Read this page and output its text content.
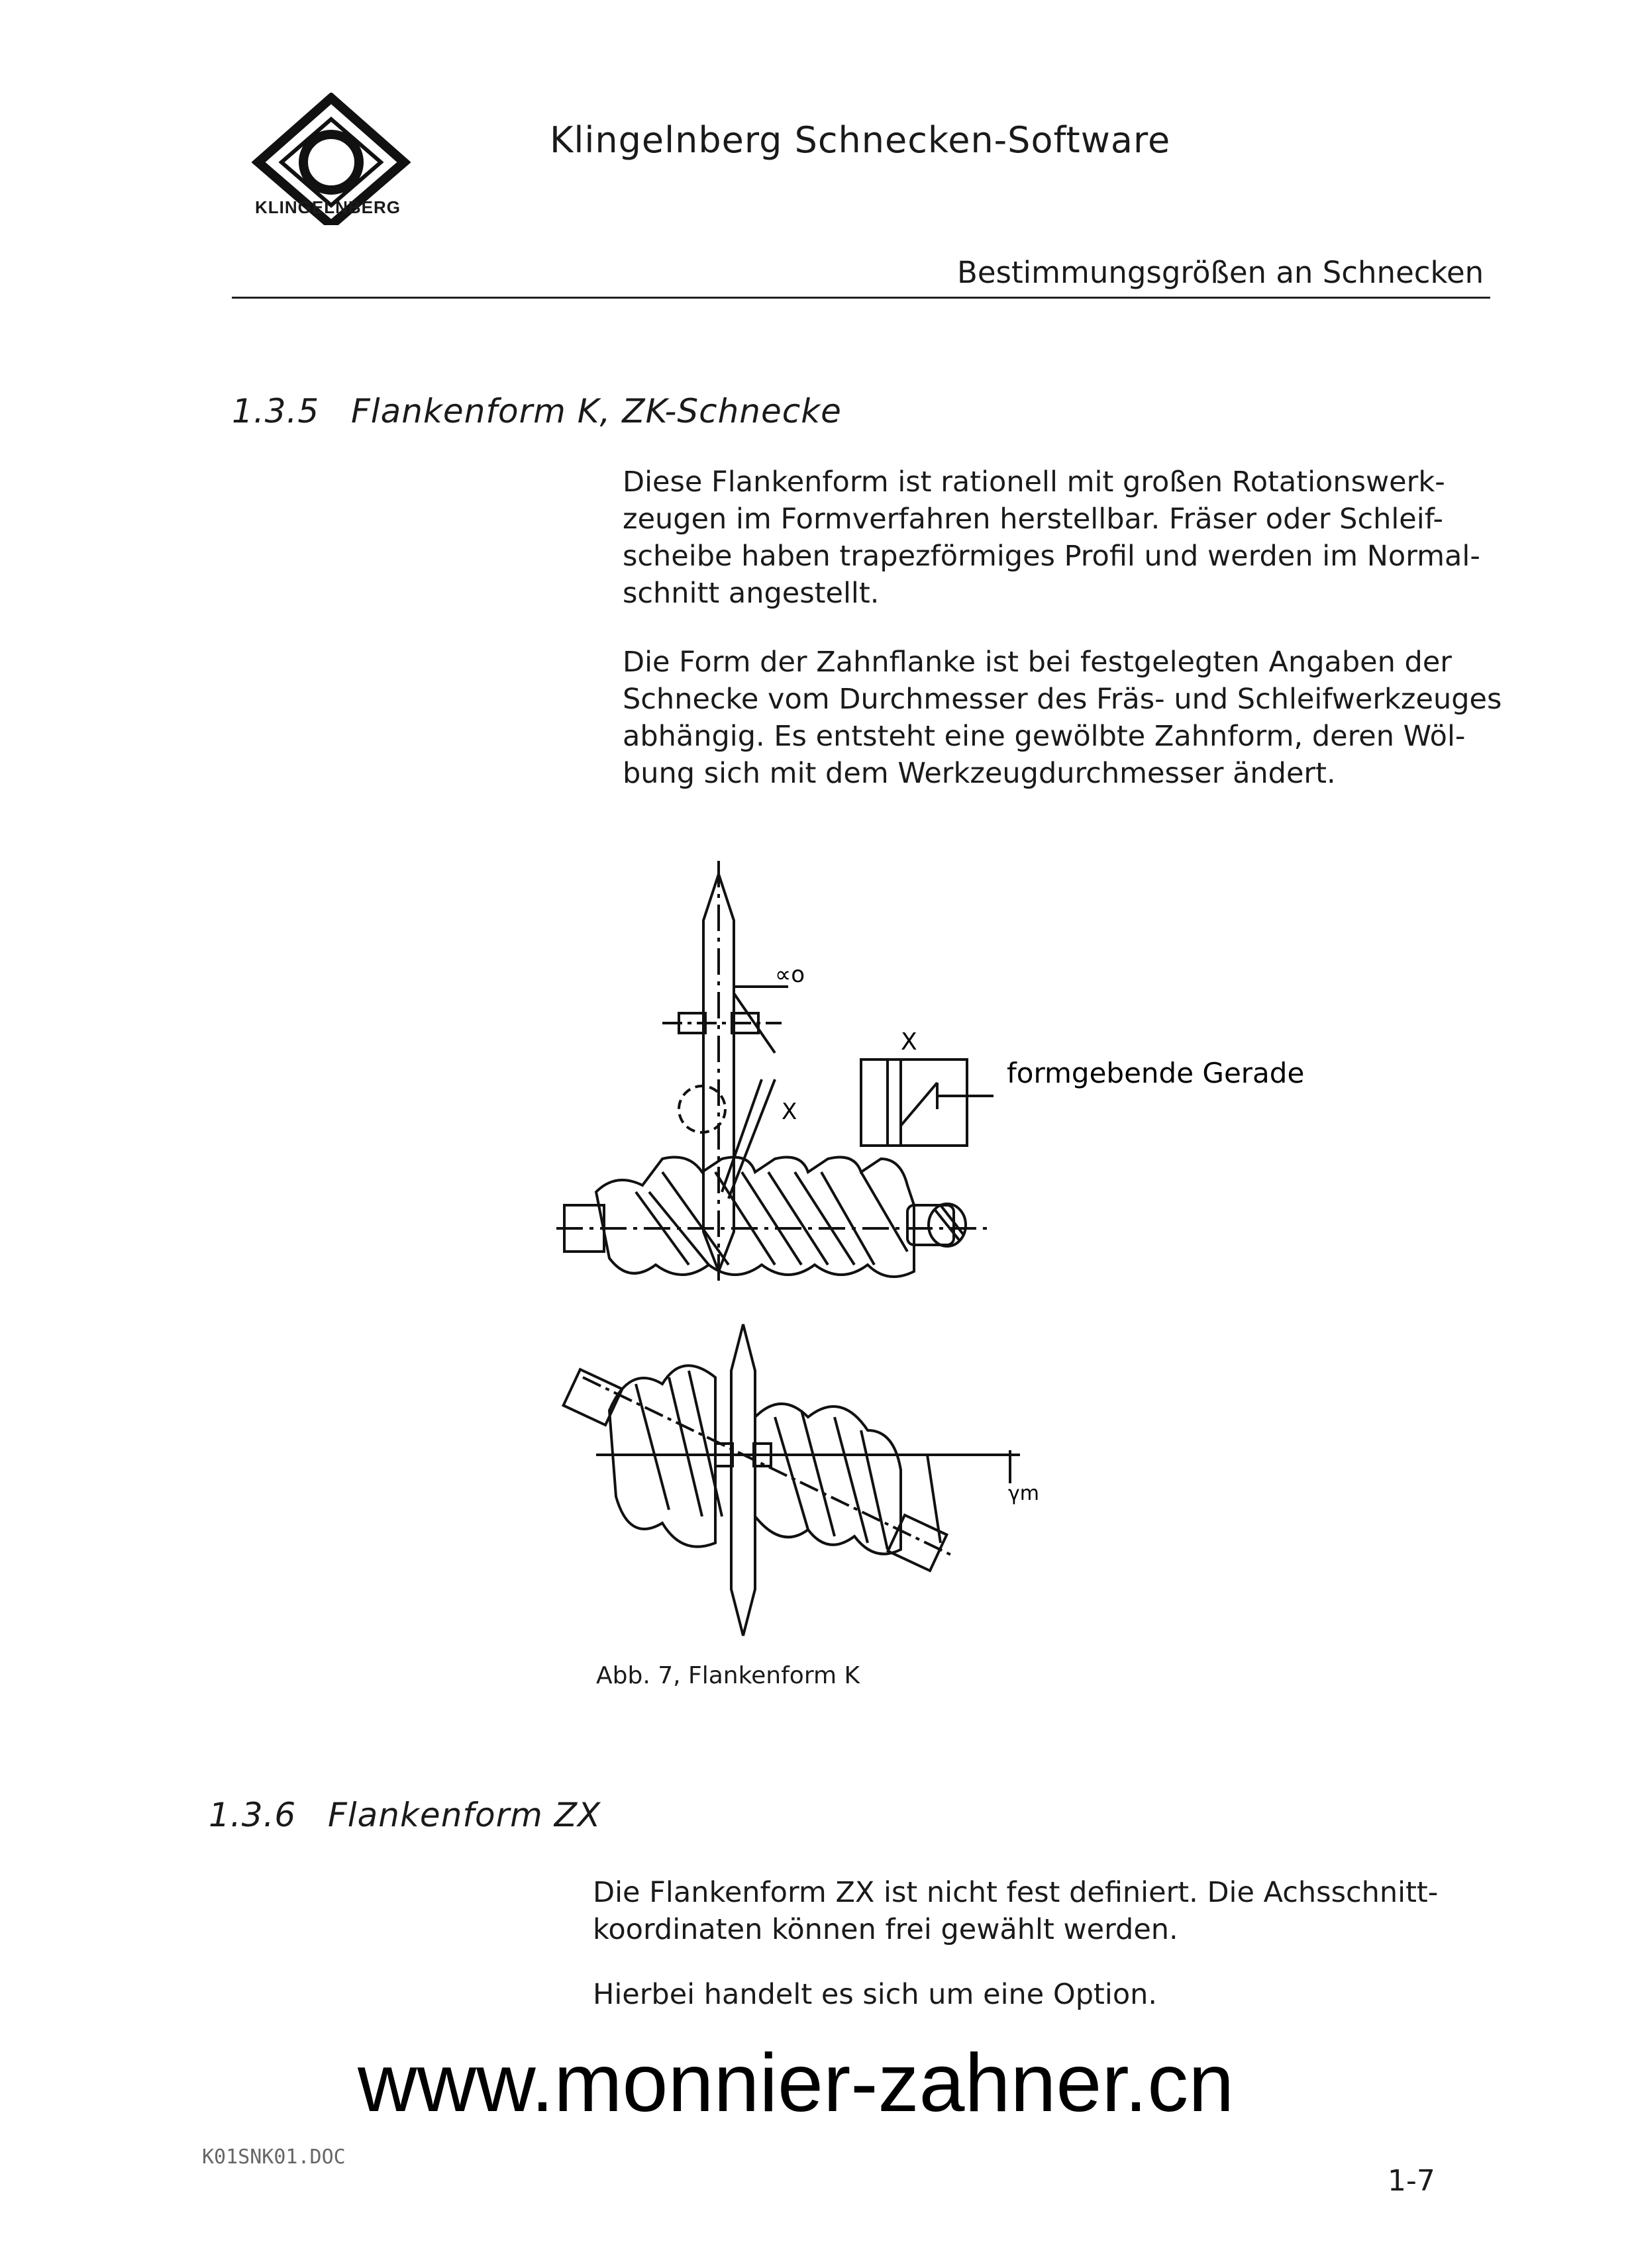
KLINGELNBERG
Klingelnberg Schnecken-Software
Bestimmungsgrößen an Schnecken
1.3.5 Flankenform K, ZK-Schnecke
Diese Flankenform ist rationell mit großen Rotationswerk-
zeugen im Formverfahren herstellbar. Fräser oder Schleif-
scheibe haben trapezförmiges Profil und werden im Normal-
schnitt angestellt.
Die Form der Zahnflanke ist bei festgelegten Angaben der
Schnecke vom Durchmesser des Fräs- und Schleifwerkzeuges
abhängig. Es entsteht eine gewölbte Zahnform, deren Wöl-
bung sich mit dem Werkzeugdurchmesser ändert.
∝o
X
X
formgebende Gerade
γm
Abb. 7, Flankenform K
1.3.6 Flankenform ZX
Die Flankenform ZX ist nicht fest definiert. Die Achsschnitt-
koordinaten können frei gewählt werden.
Hierbei handelt es sich um eine Option.
www.monnier-zahner.cn
K01SNK01.DOC
1-7
